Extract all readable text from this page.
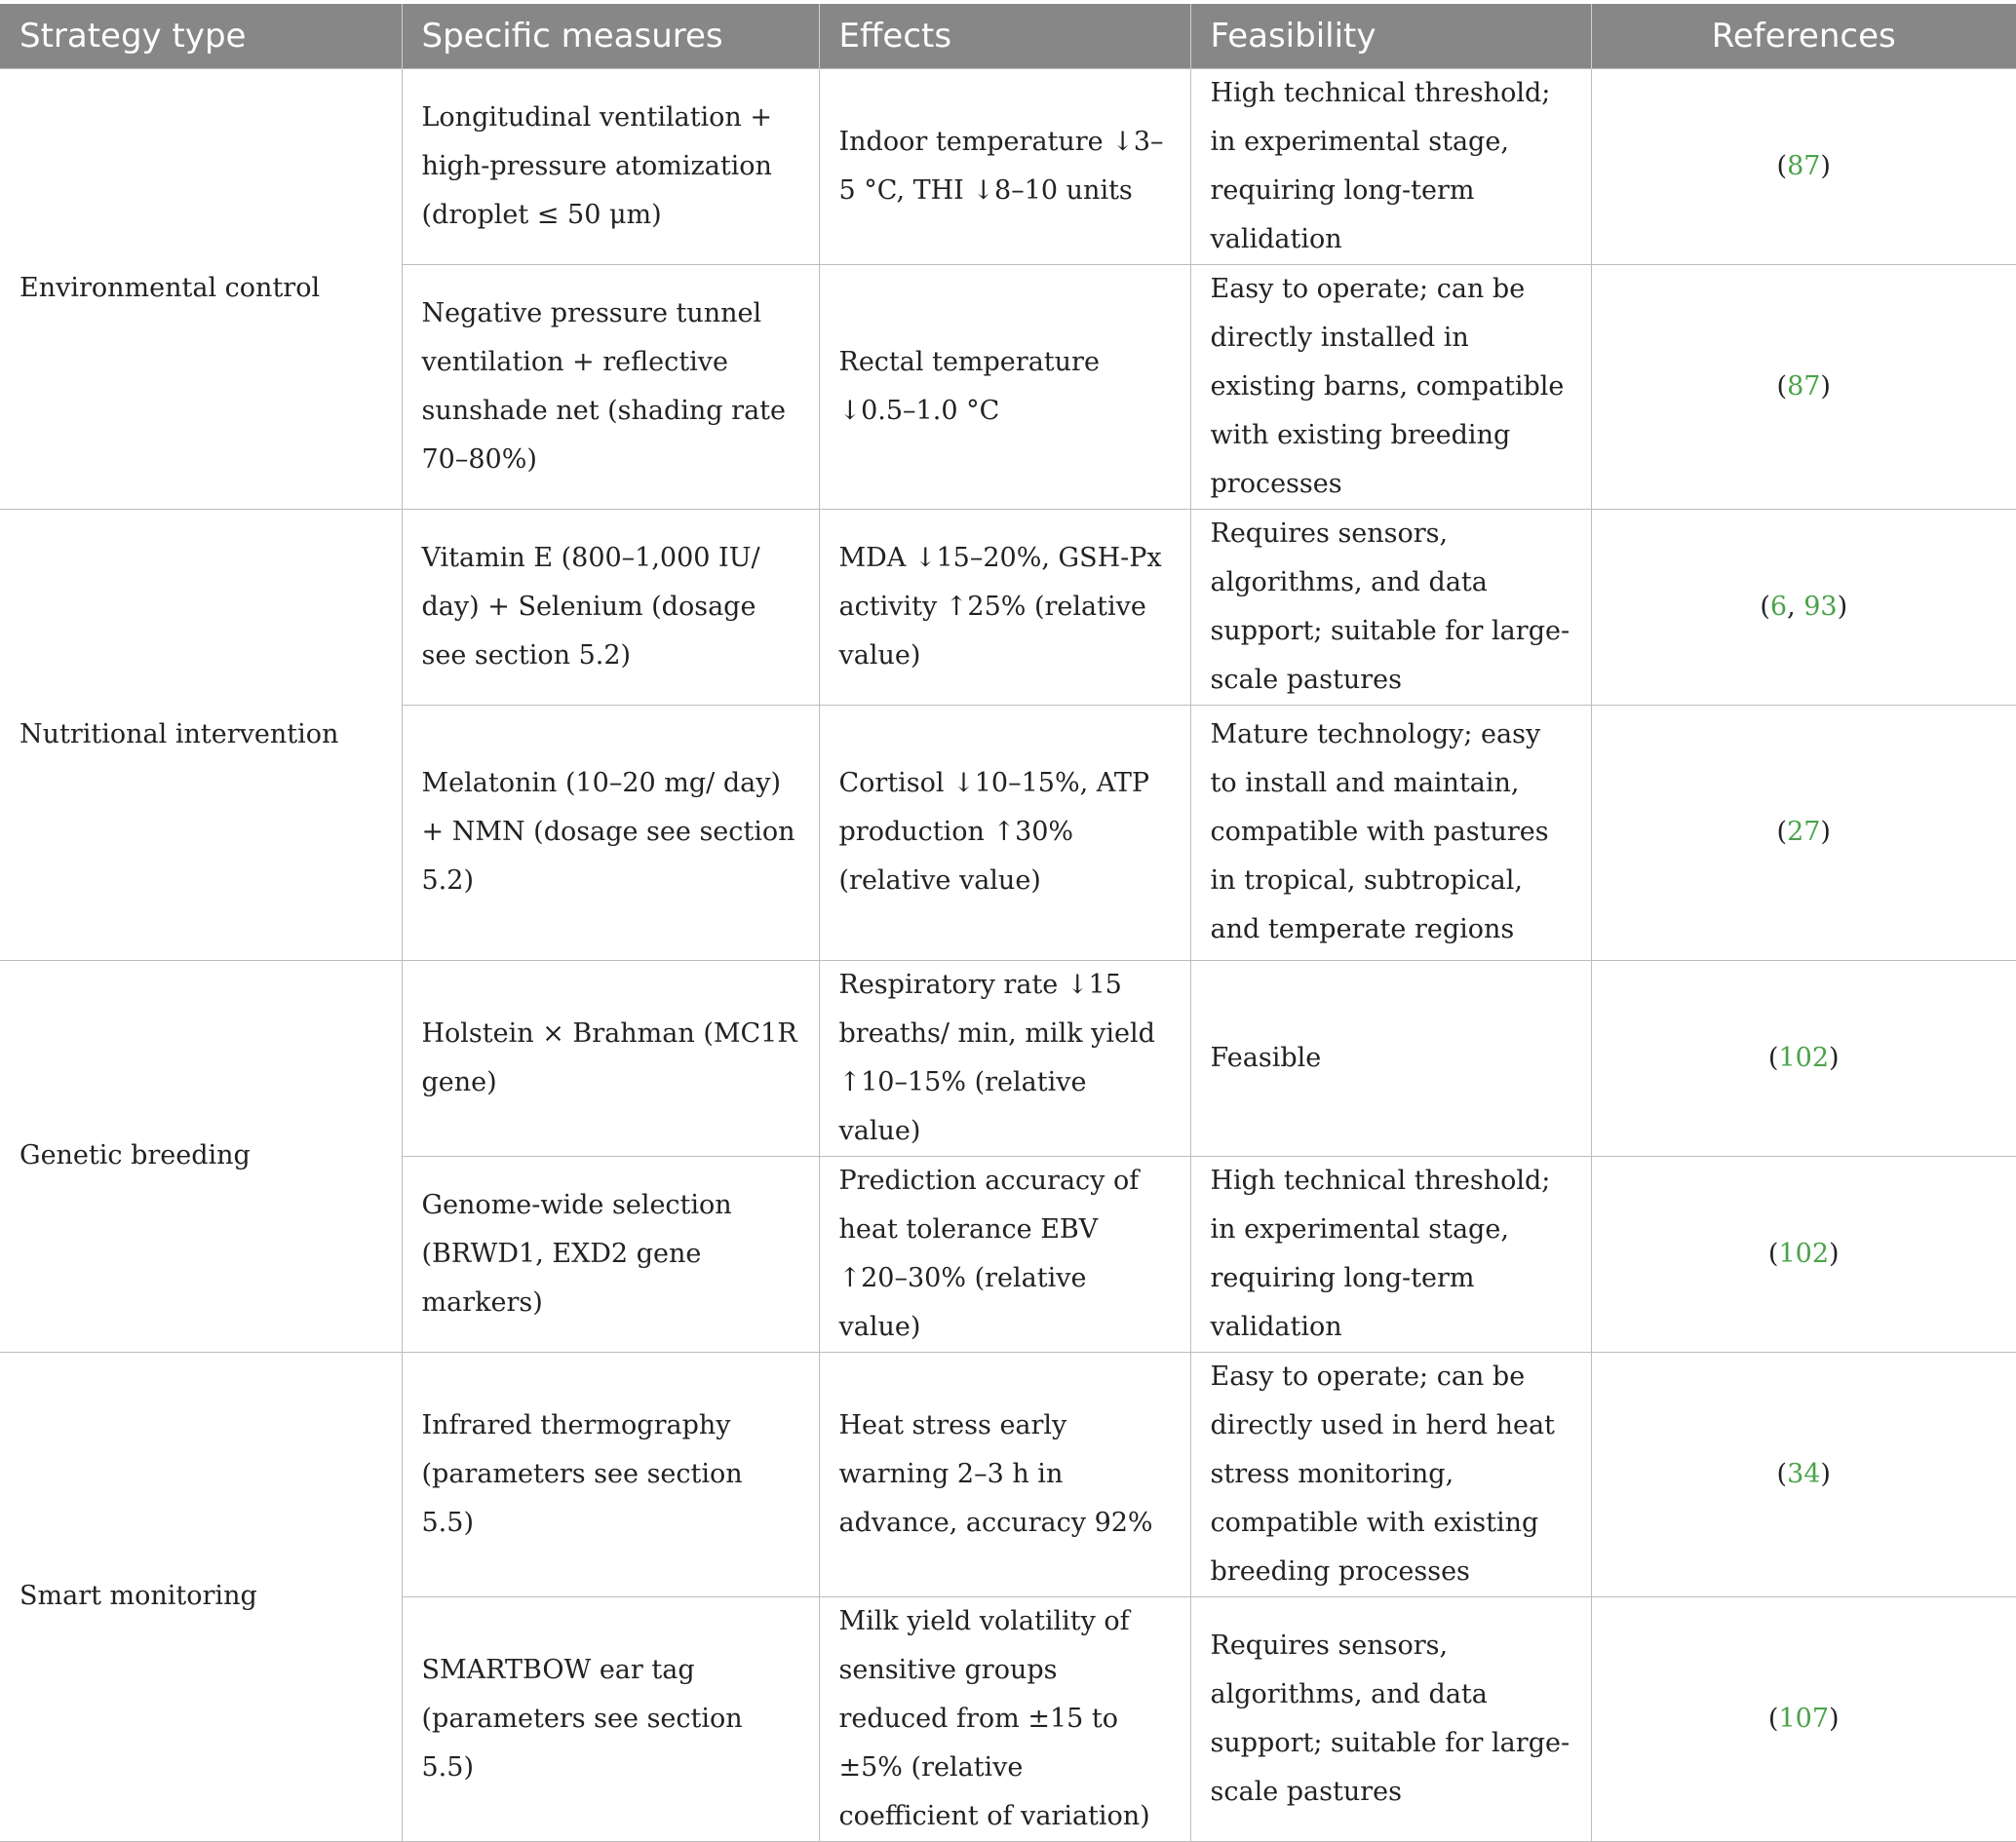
Strategy type	Specific measures	Effects	Feasibility	References
Environmental control	Longitudinal ventilation + high-pressure atomization (droplet ≤ 50 μm)	Indoor temperature ↓3–5 °C, THI ↓8–10 units	High technical threshold; in experimental stage, requiring long-term validation	(87)
	Negative pressure tunnel ventilation + reflective sunshade net (shading rate 70–80%)	Rectal temperature ↓0.5–1.0 °C	Easy to operate; can be directly installed in existing barns, compatible with existing breeding processes	(87)
Nutritional intervention	Vitamin E (800–1,000 IU/ day) + Selenium (dosage see section 5.2)	MDA ↓15–20%, GSH-Px activity ↑25% (relative value)	Requires sensors, algorithms, and data support; suitable for large-scale pastures	(6, 93)
	Melatonin (10–20 mg/ day) + NMN (dosage see section 5.2)	Cortisol ↓10–15%, ATP production ↑30% (relative value)	Mature technology; easy to install and maintain, compatible with pastures in tropical, subtropical, and temperate regions	(27)
Genetic breeding	Holstein × Brahman (MC1R gene)	Respiratory rate ↓15 breaths/ min, milk yield ↑10–15% (relative value)	Feasible	(102)
	Genome-wide selection (BRWD1, EXD2 gene markers)	Prediction accuracy of heat tolerance EBV ↑20–30% (relative value)	High technical threshold; in experimental stage, requiring long-term validation	(102)
Smart monitoring	Infrared thermography (parameters see section 5.5)	Heat stress early warning 2–3 h in advance, accuracy 92%	Easy to operate; can be directly used in herd heat stress monitoring, compatible with existing breeding processes	(34)
	SMARTBOW ear tag (parameters see section 5.5)	Milk yield volatility of sensitive groups reduced from ±15 to ±5% (relative coefficient of variation)	Requires sensors, algorithms, and data support; suitable for large-scale pastures	(107)
